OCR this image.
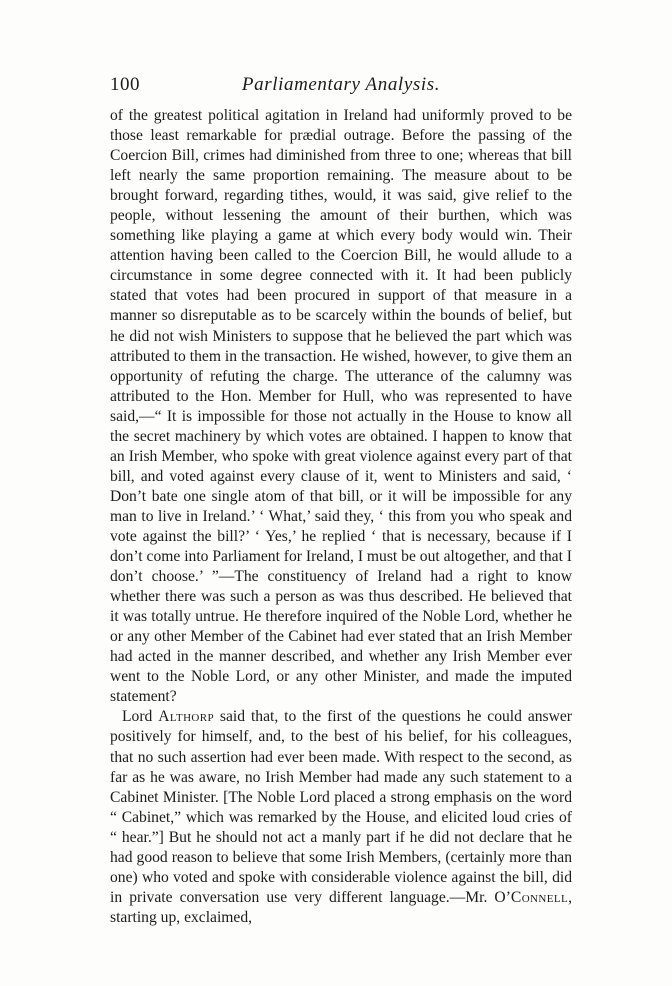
100	Parliamentary Analysis.

of the greatest political agitation in Ireland had uniformly proved to be those least remarkable for prædial outrage. Before the passing of the Coercion Bill, crimes had diminished from three to one; whereas that bill left nearly the same proportion remaining. The measure about to be brought forward, regarding tithes, would, it was said, give relief to the people, without lessening the amount of their burthen, which was something like playing a game at which every body would win. Their attention having been called to the Coercion Bill, he would allude to a circumstance in some degree connected with it. It had been publicly stated that votes had been procured in support of that measure in a manner so disreputable as to be scarcely within the bounds of belief, but he did not wish Ministers to suppose that he believed the part which was attributed to them in the transaction. He wished, however, to give them an opportunity of refuting the charge. The utterance of the calumny was attributed to the Hon. Member for Hull, who was represented to have said,—“ It is impossible for those not actually in the House to know all the secret machinery by which votes are obtained. I happen to know that an Irish Member, who spoke with great violence against every part of that bill, and voted against every clause of it, went to Ministers and said, ‘ Don’t bate one single atom of that bill, or it will be impossible for any man to live in Ireland.’ ‘ What,’ said they, ‘ this from you who speak and vote against the bill?’ ‘ Yes,’ he replied ‘ that is necessary, because if I don’t come into Parliament for Ireland, I must be out altogether, and that I don’t choose.’ ”—The constituency of Ireland had a right to know whether there was such a person as was thus described. He believed that it was totally untrue. He therefore inquired of the Noble Lord, whether he or any other Member of the Cabinet had ever stated that an Irish Member had acted in the manner described, and whether any Irish Member ever went to the Noble Lord, or any other Minister, and made the imputed statement?

Lord Althorp said that, to the first of the questions he could answer positively for himself, and, to the best of his belief, for his colleagues, that no such assertion had ever been made. With respect to the second, as far as he was aware, no Irish Member had made any such statement to a Cabinet Minister. [The Noble Lord placed a strong emphasis on the word “ Cabinet,” which was remarked by the House, and elicited loud cries of “ hear.”] But he should not act a manly part if he did not declare that he had good reason to believe that some Irish Members, (certainly more than one) who voted and spoke with considerable violence against the bill, did in private conversation use very different language.—Mr. O’Connell, starting up, exclaimed,
